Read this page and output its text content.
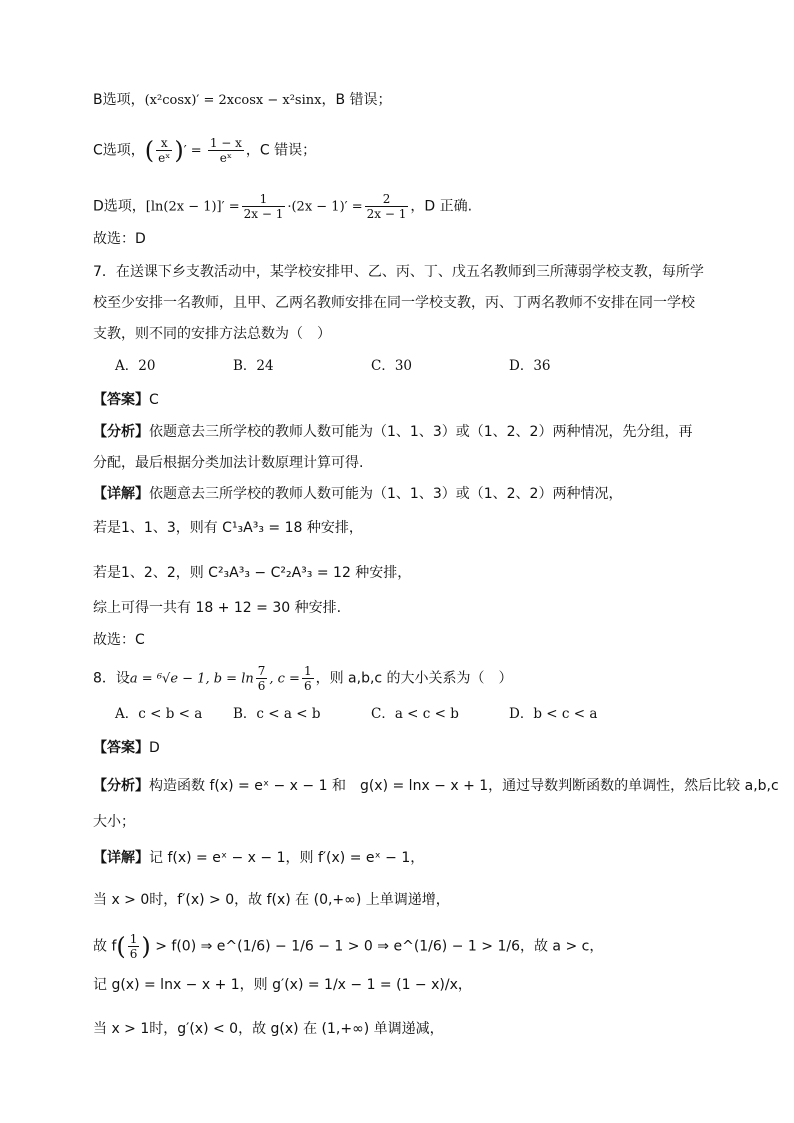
B选项，(x²cosx)′ = 2xcosx − x²sinx，B 错误；
C选项，( $\frac{x}{\text{eˣ}}$ )′ = $\frac{1 - x}{\text{eˣ}}$ ，C 错误；
D选项，$[\ln(2x - 1)]' = \frac{1}{2x - 1} \cdot(2x - 1)' = \frac{2}{2x - 1}$ ，D 正确.
故选：D
7．在送课下乡支教活动中，某学校安排甲、乙、丙、丁、戊五名教师到三所薄弱学校支教，每所学
校至少安排一名教师，且甲、乙两名教师安排在同一学校支教，丙、丁两名教师不安排在同一学校
支教，则不同的安排方法总数为（　）
A．20	B．24	C．30	D．36
【答案】C
【分析】依题意去三所学校的教师人数可能为（1、1、3）或（1、2、2）两种情况，先分组，再
分配，最后根据分类加法计数原理计算可得.
【详解】依题意去三所学校的教师人数可能为（1、1、3）或（1、2、2）两种情况，
若是1、1、3，则有 C¹₃A³₃ = 18 种安排，
若是1、2、2，则 C²₃A³₃ − C²₂A³₃ = 12 种安排，
综上可得一共有 18 + 12 = 30 种安排.
故选：C
8．设a = ⁶√e − 1, $b = \ln \frac{7}{6}$ , $c = \frac{1}{6}$ ，则 a,b,c 的大小关系为（　）
A．c < b < a B．c < a < b	C．a < c < b	D．b < c < a
【答案】D
【分析】构造函数 f(x) = eˣ − x − 1 和　g(x) = lnx − x + 1，通过导数判断函数的单调性，然后比较 a,b,c
大小；
【详解】记 f(x) = eˣ − x − 1，则 f′(x) = eˣ − 1，
当 x > 0时，f′(x) > 0，故 f(x) 在 (0,+∞) 上单调递增，
故 $f( \frac{1}{6}$ ) > f(0) ⇒ e^(1/6) − 1/6 − 1 > 0 ⇒ e^(1/6) − 1 > 1/6，故 a > c，
记 g(x) = lnx − x + 1，则 g′(x) = 1/x − 1 = (1 − x)/x，
当 x > 1时，g′(x) < 0，故 g(x) 在 (1,+∞) 单调递减，
